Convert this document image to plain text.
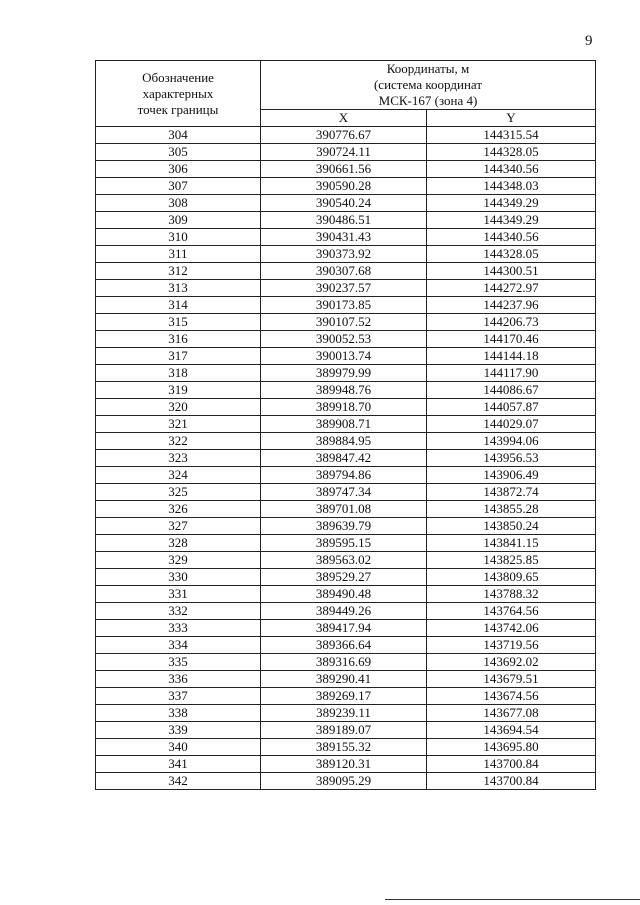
9
Обозначение
характерных
точек границы	Координаты, м
(система координат
МСК-167 (зона 4)	

	X	Y
304	390776.67	144315.54
305	390724.11	144328.05
306	390661.56	144340.56
307	390590.28	144348.03
308	390540.24	144349.29
309	390486.51	144349.29
310	390431.43	144340.56
311	390373.92	144328.05
312	390307.68	144300.51
313	390237.57	144272.97
314	390173.85	144237.96
315	390107.52	144206.73
316	390052.53	144170.46
317	390013.74	144144.18
318	389979.99	144117.90
319	389948.76	144086.67
320	389918.70	144057.87
321	389908.71	144029.07
322	389884.95	143994.06
323	389847.42	143956.53
324	389794.86	143906.49
325	389747.34	143872.74
326	389701.08	143855.28
327	389639.79	143850.24
328	389595.15	143841.15
329	389563.02	143825.85
330	389529.27	143809.65
331	389490.48	143788.32
332	389449.26	143764.56
333	389417.94	143742.06
334	389366.64	143719.56
335	389316.69	143692.02
336	389290.41	143679.51
337	389269.17	143674.56
338	389239.11	143677.08
339	389189.07	143694.54
340	389155.32	143695.80
341	389120.31	143700.84
342	389095.29	143700.84
